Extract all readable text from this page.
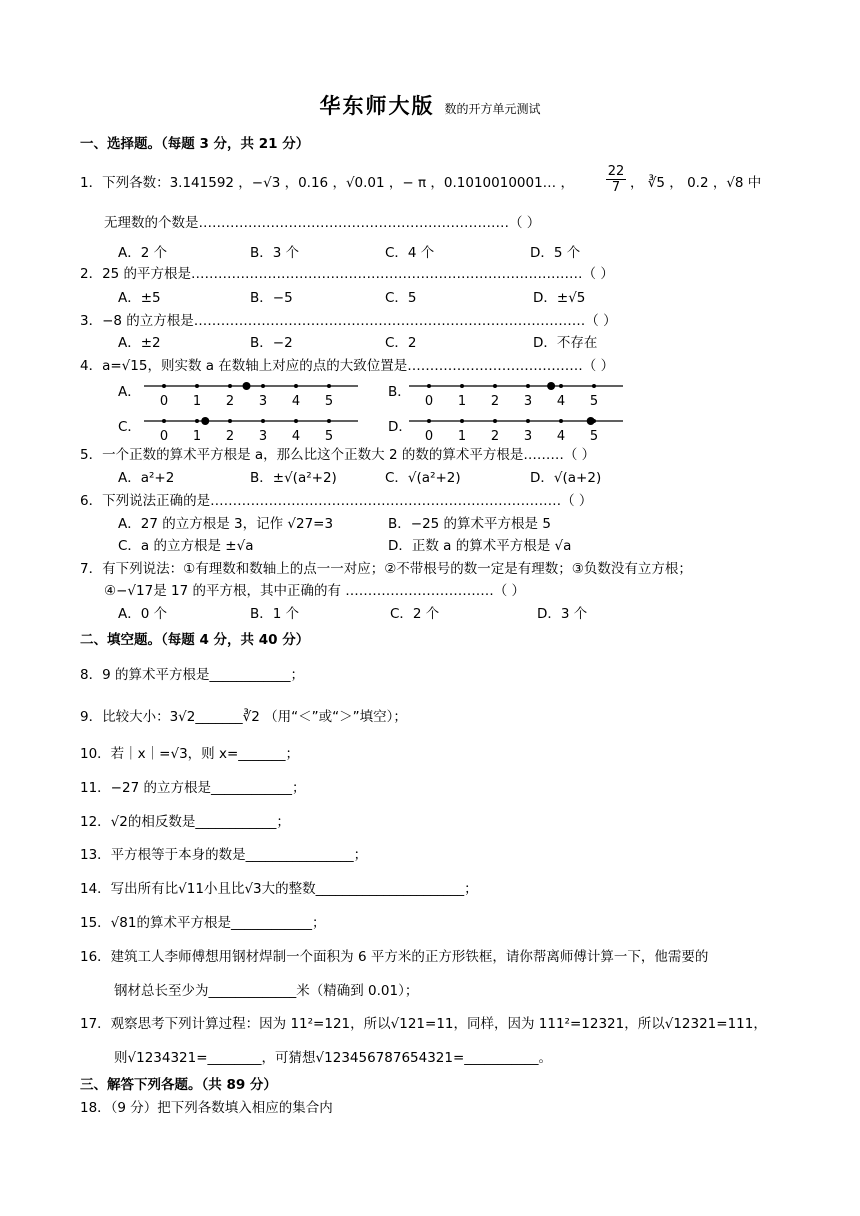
华东师大版 数的开方单元测试
一、选择题。（每题 3 分，共 21 分）
1．下列各数：3.141592 ，−√3 ，0.16 ，√0.01 ，− π ，0.1010010001… ， $\frac{22}{7}$ ， ∛5 ， 0.2 ，√8 中
无理数的个数是……………………………………………………………（ ）
A．2 个	B．3 个	C．4 个	D．5 个
2．25 的平方根是……………………………………………………………………………（ ）
A．±5	B．−5	C．5	D．±√5
3．−8 的立方根是……………………………………………………………………………（ ）
A．±2	B．−2	C．2	D．不存在
4．a=√15，则实数 a 在数轴上对应的点的大致位置是…………………………………（ ）
A．	B．
C．	D．
0 1 2 3 4 5	0 1 2 3 4 5
0 1 2 3 4 5	0 1 2 3 4 5
5．一个正数的算术平方根是 a，那么比这个正数大 2 的数的算术平方根是………（ ）
A．a²+2	B．±√(a²+2)	C．√(a²+2)	D．√(a+2)
6．下列说法正确的是……………………………………………………………………（ ）
A．27 的立方根是 3，记作 √27=3	B．−25 的算术平方根是 5
C．a 的立方根是 ±√a	D．正数 a 的算术平方根是 √a
7．有下列说法：①有理数和数轴上的点一一对应；②不带根号的数一定是有理数；③负数没有立方根；
④−√17是 17 的平方根，其中正确的有 ……………………………（ ）
A．0 个	B．1 个	C．2 个	D．3 个
二、填空题。（每题 4 分，共 40 分）
8．9 的算术平方根是____________；
9．比较大小：3√2_______∛2 （用“＜”或“＞”填空）；
10．若｜x｜=√3，则 x=_______；
11．−27 的立方根是____________；
12．√2的相反数是____________；
13．平方根等于本身的数是________________；
14．写出所有比√11小且比√3大的整数______________________；
15．√81的算术平方根是____________；
16．建筑工人李师傅想用钢材焊制一个面积为 6 平方米的正方形铁框，请你帮离师傅计算一下，他需要的
钢材总长至少为_____________米（精确到 0.01）；
17．观察思考下列计算过程：因为 11²=121，所以√121=11，同样，因为 111²=12321，所以√12321=111，
则√1234321=________，可猜想√123456787654321=___________。
三、解答下列各题。（共 89 分）
18．（9 分）把下列各数填入相应的集合内
